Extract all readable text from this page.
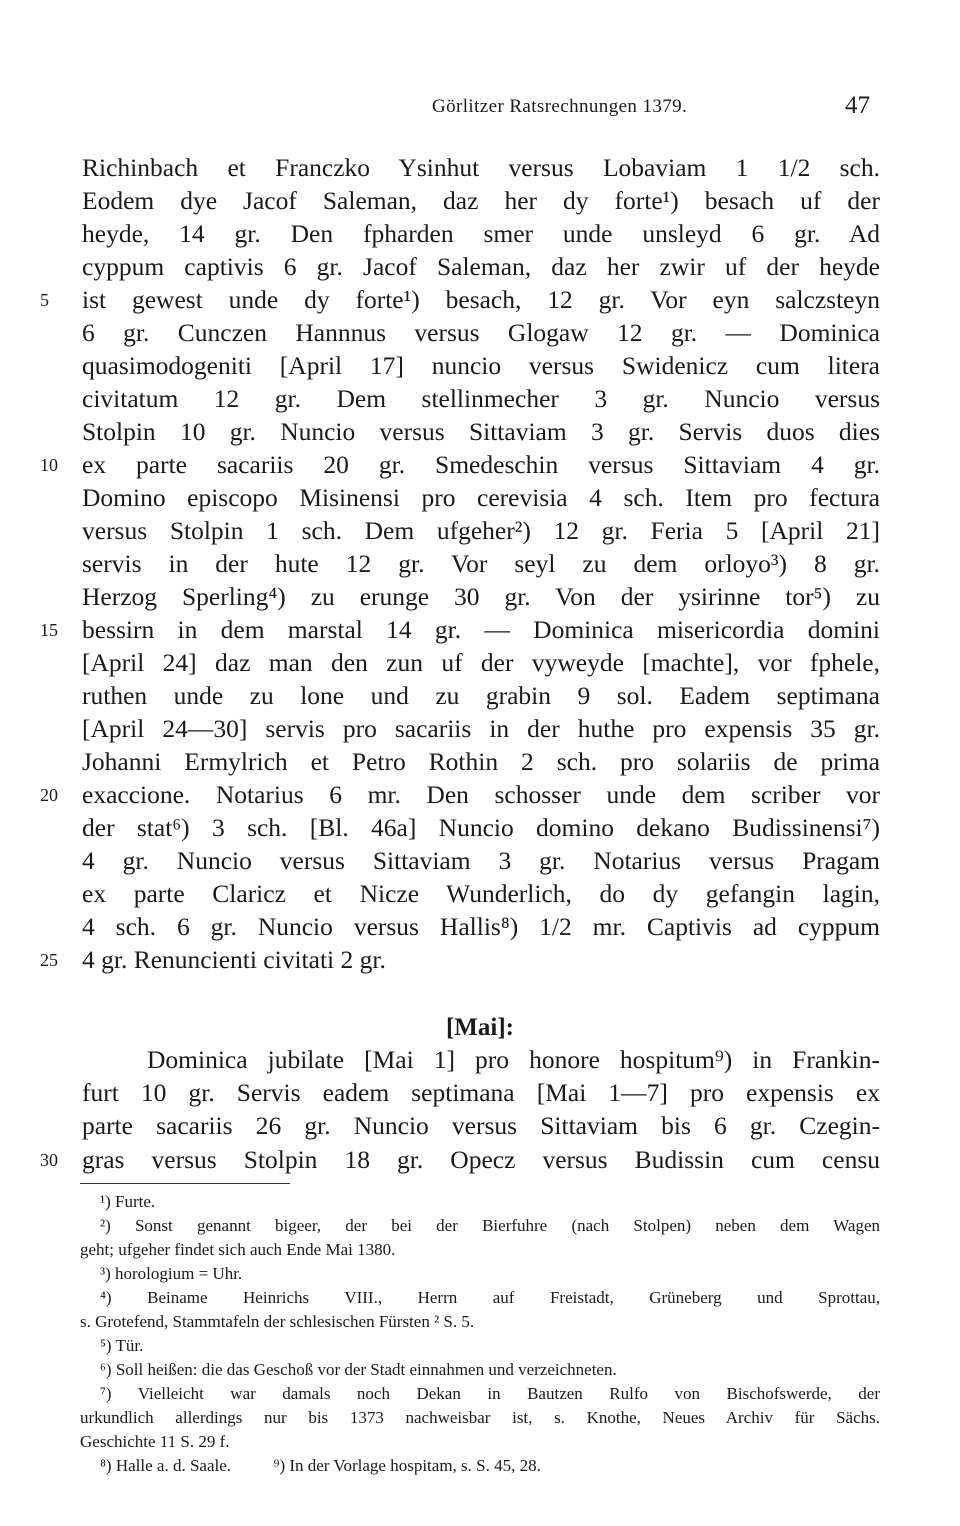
Görlitzer Ratsrechnungen 1379.	47
Richinbach et Franczko Ysinhut versus Lobaviam 1 1/2 sch.
Eodem dye Jacof Saleman, daz her dy forte¹) besach uf der
heyde, 14 gr. Den fpharden smer unde unsleyd 6 gr. Ad
cyppum captivis 6 gr. Jacof Saleman, daz her zwir uf der heyde
ist gewest unde dy forte¹) besach, 12 gr. Vor eyn salczsteyn
6 gr. Cunczen Hannnus versus Glogaw 12 gr. — Dominica
quasimodogeniti [April 17] nuncio versus Swidenicz cum litera
civitatum 12 gr. Dem stellinmecher 3 gr. Nuncio versus
Stolpin 10 gr. Nuncio versus Sittaviam 3 gr. Servis duos dies
ex parte sacariis 20 gr. Smedeschin versus Sittaviam 4 gr.
Domino episcopo Misinensi pro cerevisia 4 sch. Item pro fectura
versus Stolpin 1 sch. Dem ufgeher²) 12 gr. Feria 5 [April 21]
servis in der hute 12 gr. Vor seyl zu dem orloyo³) 8 gr.
Herzog Sperling⁴) zu erunge 30 gr. Von der ysirinne tor⁵) zu
bessirn in dem marstal 14 gr. — Dominica misericordia domini
[April 24] daz man den zun uf der vyweyde [machte], vor fphele,
ruthen unde zu lone und zu grabin 9 sol. Eadem septimana
[April 24—30] servis pro sacariis in der huthe pro expensis 35 gr.
Johanni Ermylrich et Petro Rothin 2 sch. pro solariis de prima
exaccione. Notarius 6 mr. Den schosser unde dem scriber vor
der stat⁶) 3 sch. [Bl. 46a] Nuncio domino dekano Budissinensi⁷)
4 gr. Nuncio versus Sittaviam 3 gr. Notarius versus Pragam
ex parte Claricz et Nicze Wunderlich, do dy gefangin lagin,
4 sch. 6 gr. Nuncio versus Hallis⁸) 1/2 mr. Captivis ad cyppum
4 gr. Renuncienti civitati 2 gr.
5
10
15
20
25
30
[Mai]:
Dominica jubilate [Mai 1] pro honore hospitum⁹) in Frankin-
furt 10 gr. Servis eadem septimana [Mai 1—7] pro expensis ex
parte sacariis 26 gr. Nuncio versus Sittaviam bis 6 gr. Czegin-
gras versus Stolpin 18 gr. Opecz versus Budissin cum censu
¹) Furte.
²) Sonst genannt bigeer, der bei der Bierfuhre (nach Stolpen) neben dem Wagen
geht; ufgeher findet sich auch Ende Mai 1380.
³) horologium = Uhr.
⁴) Beiname Heinrichs VIII., Herrn auf Freistadt, Grüneberg und Sprottau,
s. Grotefend, Stammtafeln der schlesischen Fürsten ² S. 5.
⁵) Tür.
⁶) Soll heißen: die das Geschoß vor der Stadt einnahmen und verzeichneten.
⁷) Vielleicht war damals noch Dekan in Bautzen Rulfo von Bischofswerde, der
urkundlich allerdings nur bis 1373 nachweisbar ist, s. Knothe, Neues Archiv für Sächs.
Geschichte 11 S. 29 f.
⁸) Halle a. d. Saale.          ⁹) In der Vorlage hospitam, s. S. 45, 28.
